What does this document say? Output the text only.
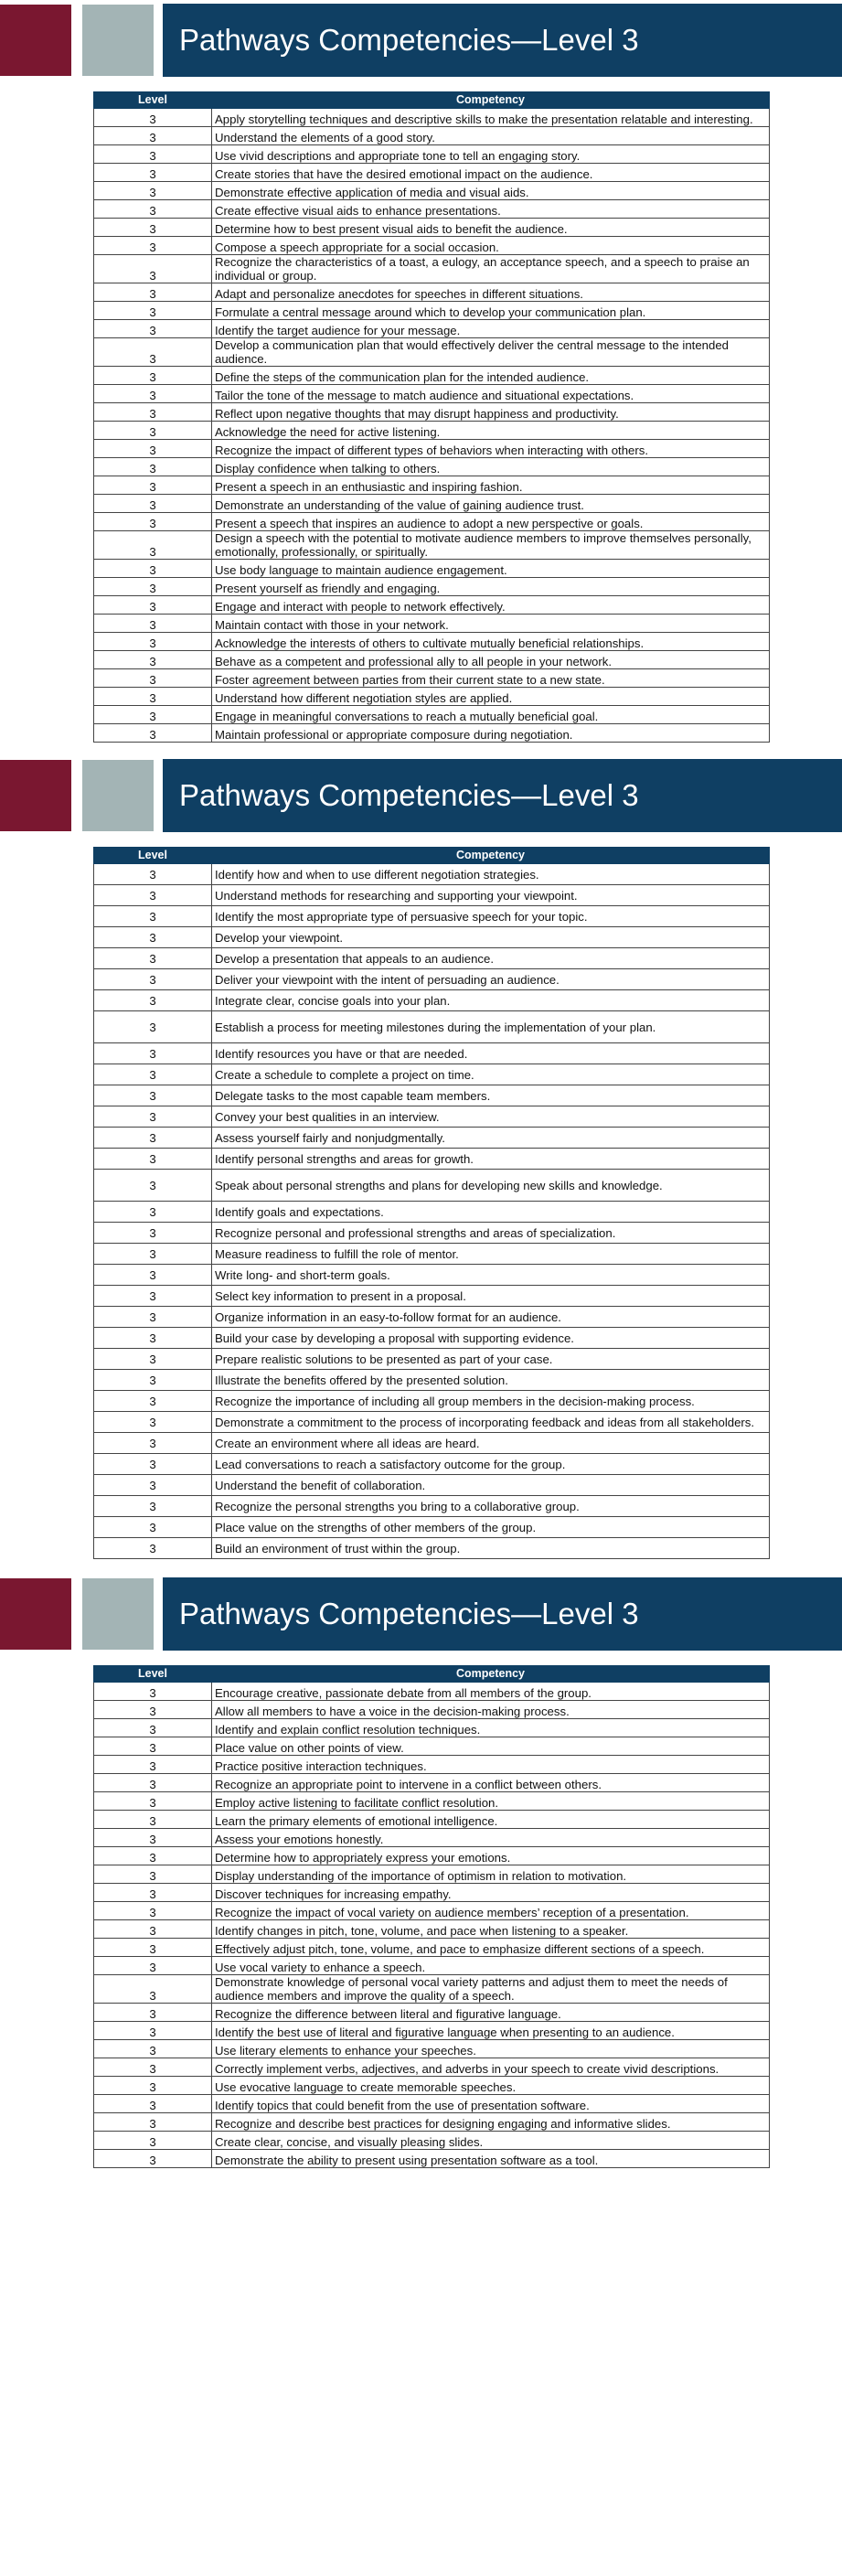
Pathways Competencies—Level 3
Level	Competency
3	Apply storytelling techniques and descriptive skills to make the presentation relatable and interesting.
3	Understand the elements of a good story.
3	Use vivid descriptions and appropriate tone to tell an engaging story.
3	Create stories that have the desired emotional impact on the audience.
3	Demonstrate effective application of media and visual aids.
3	Create effective visual aids to enhance presentations.
3	Determine how to best present visual aids to benefit the audience.
3	Compose a speech appropriate for a social occasion.
3	Recognize the characteristics of a toast, a eulogy, an acceptance speech, and a speech to praise an individual or group.
3	Adapt and personalize anecdotes for speeches in different situations.
3	Formulate a central message around which to develop your communication plan.
3	Identify the target audience for your message.
3	Develop a communication plan that would effectively deliver the central message to the intended audience.
3	Define the steps of the communication plan for the intended audience.
3	Tailor the tone of the message to match audience and situational expectations.
3	Reflect upon negative thoughts that may disrupt happiness and productivity.
3	Acknowledge the need for active listening.
3	Recognize the impact of different types of behaviors when interacting with others.
3	Display confidence when talking to others.
3	Present a speech in an enthusiastic and inspiring fashion.
3	Demonstrate an understanding of the value of gaining audience trust.
3	Present a speech that inspires an audience to adopt a new perspective or goals.
3	Design a speech with the potential to motivate audience members to improve themselves personally, emotionally, professionally, or spiritually.
3	Use body language to maintain audience engagement.
3	Present yourself as friendly and engaging.
3	Engage and interact with people to network effectively.
3	Maintain contact with those in your network.
3	Acknowledge the interests of others to cultivate mutually beneficial relationships.
3	Behave as a competent and professional ally to all people in your network.
3	Foster agreement between parties from their current state to a new state.
3	Understand how different negotiation styles are applied.
3	Engage in meaningful conversations to reach a mutually beneficial goal.
3	Maintain professional or appropriate composure during negotiation.
Pathways Competencies—Level 3
Level	Competency
3	Identify how and when to use different negotiation strategies.
3	Understand methods for researching and supporting your viewpoint.
3	Identify the most appropriate type of persuasive speech for your topic.
3	Develop your viewpoint.
3	Develop a presentation that appeals to an audience.
3	Deliver your viewpoint with the intent of persuading an audience.
3	Integrate clear, concise goals into your plan.
3	Establish a process for meeting milestones during the implementation of your plan.
3	Identify resources you have or that are needed.
3	Create a schedule to complete a project on time.
3	Delegate tasks to the most capable team members.
3	Convey your best qualities in an interview.
3	Assess yourself fairly and nonjudgmentally.
3	Identify personal strengths and areas for growth.
3	Speak about personal strengths and plans for developing new skills and knowledge.
3	Identify goals and expectations.
3	Recognize personal and professional strengths and areas of specialization.
3	Measure readiness to fulfill the role of mentor.
3	Write long- and short-term goals.
3	Select key information to present in a proposal.
3	Organize information in an easy-to-follow format for an audience.
3	Build your case by developing a proposal with supporting evidence.
3	Prepare realistic solutions to be presented as part of your case.
3	Illustrate the benefits offered by the presented solution.
3	Recognize the importance of including all group members in the decision-making process.
3	Demonstrate a commitment to the process of incorporating feedback and ideas from all stakeholders.
3	Create an environment where all ideas are heard.
3	Lead conversations to reach a satisfactory outcome for the group.
3	Understand the benefit of collaboration.
3	Recognize the personal strengths you bring to a collaborative group.
3	Place value on the strengths of other members of the group.
3	Build an environment of trust within the group.
Pathways Competencies—Level 3
Level	Competency
3	Encourage creative, passionate debate from all members of the group.
3	Allow all members to have a voice in the decision-making process.
3	Identify and explain conflict resolution techniques.
3	Place value on other points of view.
3	Practice positive interaction techniques.
3	Recognize an appropriate point to intervene in a conflict between others.
3	Employ active listening to facilitate conflict resolution.
3	Learn the primary elements of emotional intelligence.
3	Assess your emotions honestly.
3	Determine how to appropriately express your emotions.
3	Display understanding of the importance of optimism in relation to motivation.
3	Discover techniques for increasing empathy.
3	Recognize the impact of vocal variety on audience members’ reception of a presentation.
3	Identify changes in pitch, tone, volume, and pace when listening to a speaker.
3	Effectively adjust pitch, tone, volume, and pace to emphasize different sections of a speech.
3	Use vocal variety to enhance a speech.
3	Demonstrate knowledge of personal vocal variety patterns and adjust them to meet the needs of audience members and improve the quality of a speech.
3	Recognize the difference between literal and figurative language.
3	Identify the best use of literal and figurative language when presenting to an audience.
3	Use literary elements to enhance your speeches.
3	Correctly implement verbs, adjectives, and adverbs in your speech to create vivid descriptions.
3	Use evocative language to create memorable speeches.
3	Identify topics that could benefit from the use of presentation software.
3	Recognize and describe best practices for designing engaging and informative slides.
3	Create clear, concise, and visually pleasing slides.
3	Demonstrate the ability to present using presentation software as a tool.
